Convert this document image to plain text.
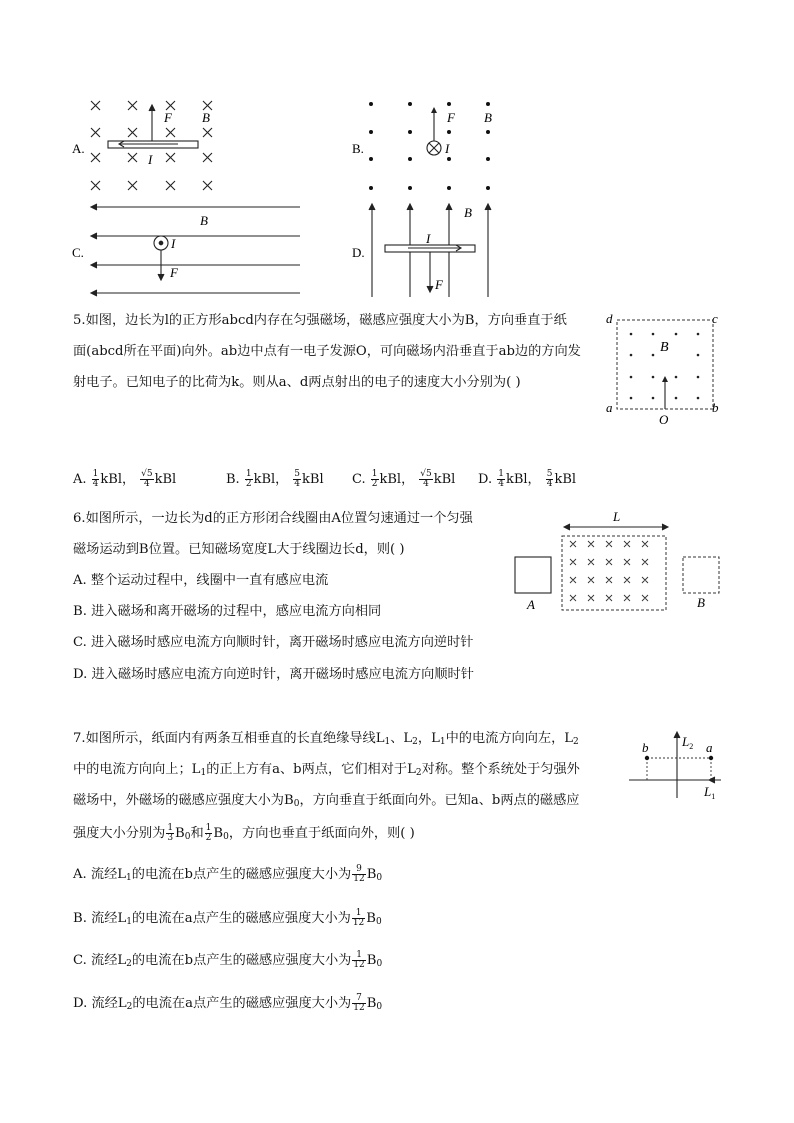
A.
F B
I
B.
F B
I
C.
B
I
F
D.
B
I
F
5.如图，边长为l的正方形abcd内存在匀强磁场，磁感应强度大小为B，方向垂直于纸
面(abcd所在平面)向外。ab边中点有一电子发源O，可向磁场内沿垂直于ab边的方向发
射电子。已知电子的比荷为k。则从a、d两点射出的电子的速度大小分别为( )
d	c
a	b
B
O
A. $\frac{1}{4}$ kBl， $\frac{√5}{4}$ kBl	B. $\frac{1}{2}$ kBl， $\frac{5}{4}$ kBl C. $\frac{1}{2}$ kBl， $\frac{√5}{4}$ kBl D. $\frac{1}{4}$ kBl， $\frac{5}{4}$ kBl
6.如图所示，一边长为d的正方形闭合线圈由A位置匀速通过一个匀强
磁场运动到B位置。已知磁场宽度L大于线圈边长d，则( )
A. 整个运动过程中，线圈中一直有感应电流
B. 进入磁场和离开磁场的过程中，感应电流方向相同
C. 进入磁场时感应电流方向顺时针，离开磁场时感应电流方向逆时针
D. 进入磁场时感应电流方向逆时针，离开磁场时感应电流方向顺时针
L
A	B
7.如图所示，纸面内有两条互相垂直的长直绝缘导线$L_1$、$L_2$，$L_1$中的电流方向向左，$L_2$
中的电流方向向上；$L_1$的正上方有a、b两点，它们相对于$L_2$对称。整个系统处于匀强外
磁场中，外磁场的磁感应强度大小为$B_0$，方向垂直于纸面向外。已知a、b两点的磁感应
强度大小分别为 $\frac{1}{3} B_0$和 $\frac{1}{2} B_0$，方向也垂直于纸面向外，则( )
b	a
$L_2$
$L_1$
A. 流经$L_1$的电流在b点产生的磁感应强度大小为 $\frac{9}{12} B_0$
B. 流经$L_1$的电流在a点产生的磁感应强度大小为 $\frac{1}{12} B_0$
C. 流经$L_2$的电流在b点产生的磁感应强度大小为 $\frac{1}{12} B_0$
D. 流经$L_2$的电流在a点产生的磁感应强度大小为 $\frac{7}{12} B_0$
